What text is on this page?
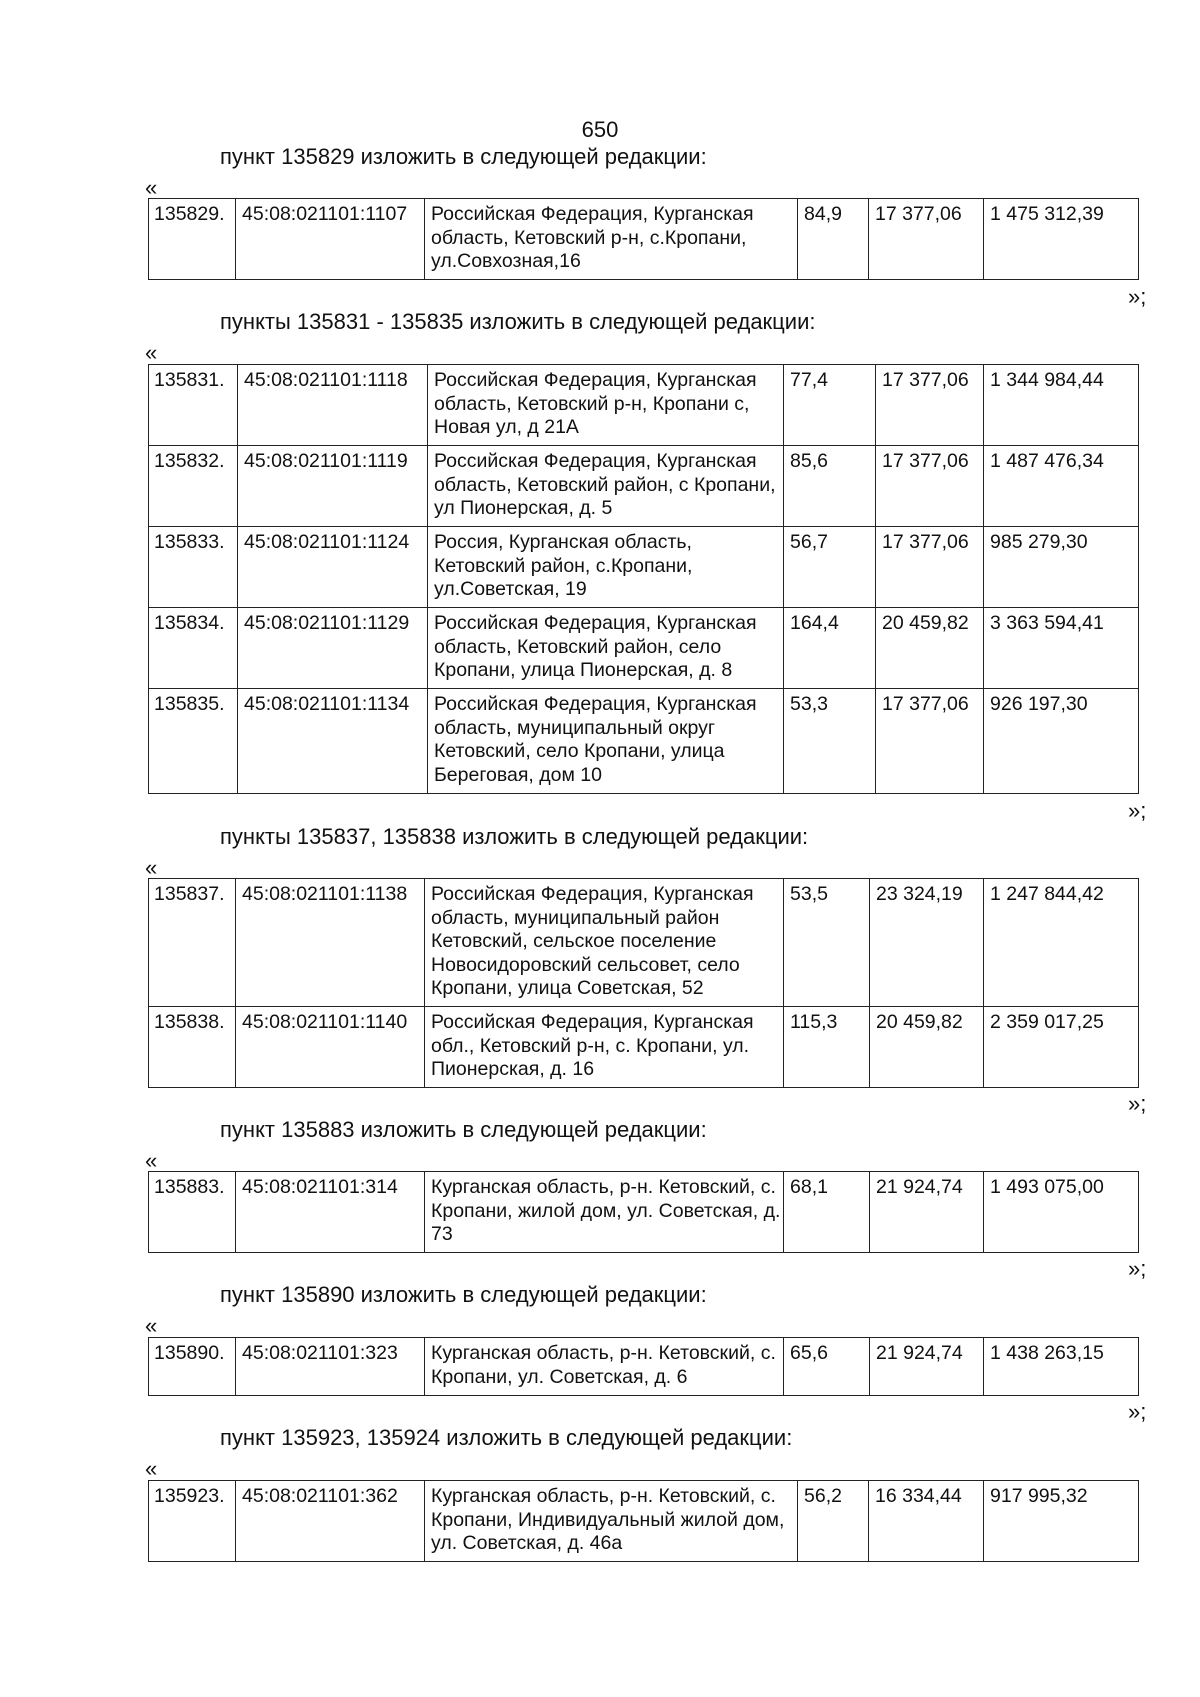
650
пункт 135829 изложить в следующей редакции:
«
135829.	45:08:021101:1107	Российская Федерация, Курганская область, Кетовский р-н, с.Кропани, ул.Совхозная,16	84,9	17 377,06	1 475 312,39
»;
пункты 135831 - 135835 изложить в следующей редакции:
«
135831.	45:08:021101:1118	Российская Федерация, Курганская область, Кетовский р-н, Кропани с, Новая ул, д 21А	77,4	17 377,06	1 344 984,44
135832.	45:08:021101:1119	Российская Федерация, Курганская область, Кетовский район, с Кропани, ул Пионерская, д. 5	85,6	17 377,06	1 487 476,34
135833.	45:08:021101:1124	Россия, Курганская область, Кетовский район, с.Кропани, ул.Советская, 19	56,7	17 377,06	985 279,30
135834.	45:08:021101:1129	Российская Федерация, Курганская область, Кетовский район, село Кропани, улица Пионерская, д. 8	164,4	20 459,82	3 363 594,41
135835.	45:08:021101:1134	Российская Федерация, Курганская область, муниципальный округ Кетовский, село Кропани, улица Береговая, дом 10	53,3	17 377,06	926 197,30
»;
пункты 135837, 135838 изложить в следующей редакции:
«
135837.	45:08:021101:1138	Российская Федерация, Курганская область, муниципальный район Кетовский, сельское поселение Новосидоровский сельсовет, село Кропани, улица Советская, 52	53,5	23 324,19	1 247 844,42
135838.	45:08:021101:1140	Российская Федерация, Курганская обл., Кетовский р-н, с. Кропани, ул. Пионерская, д. 16	115,3	20 459,82	2 359 017,25
»;
пункт 135883 изложить в следующей редакции:
«
135883.	45:08:021101:314	Курганская область, р-н. Кетовский, с. Кропани, жилой дом, ул. Советская, д. 73	68,1	21 924,74	1 493 075,00
»;
пункт 135890 изложить в следующей редакции:
«
135890.	45:08:021101:323	Курганская область, р-н. Кетовский, с. Кропани, ул. Советская, д. 6	65,6	21 924,74	1 438 263,15
»;
пункт 135923, 135924 изложить в следующей редакции:
«
135923.	45:08:021101:362	Курганская область, р-н. Кетовский, с. Кропани, Индивидуальный жилой дом, ул. Советская, д. 46а	56,2	16 334,44	917 995,32
